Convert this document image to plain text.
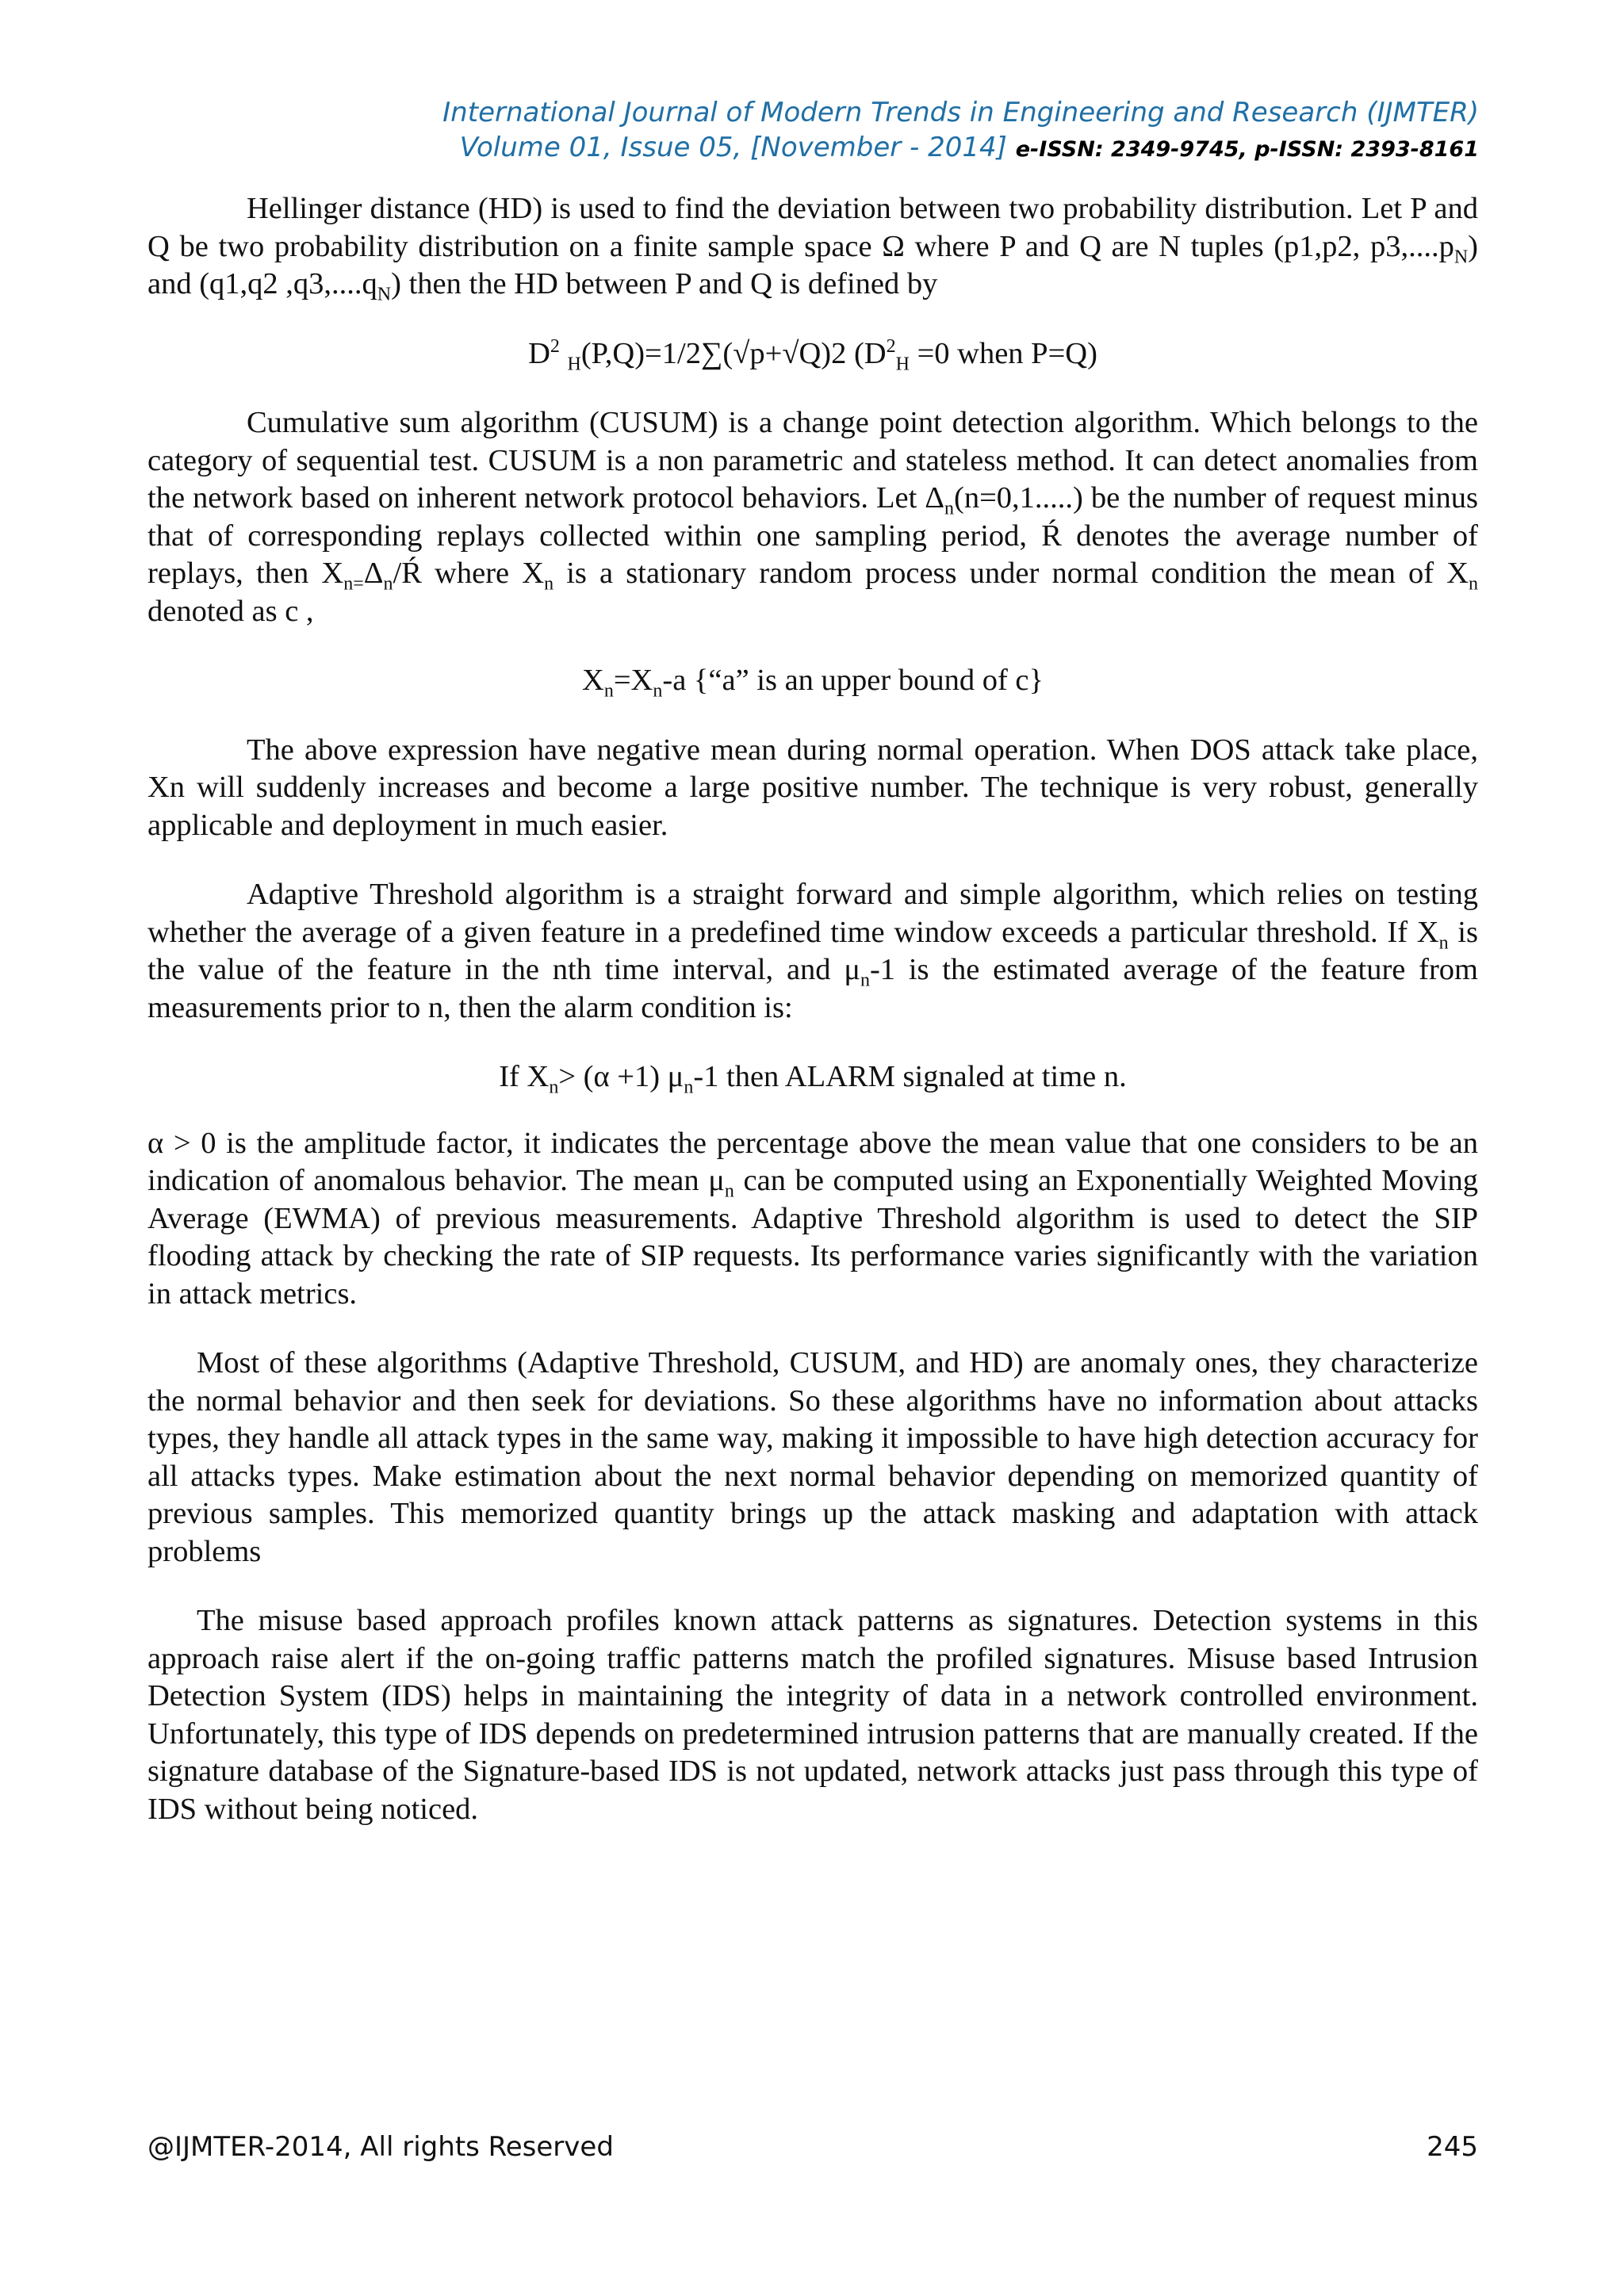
International Journal of Modern Trends in Engineering and Research (IJMTER)
Volume 01, Issue 05, [November - 2014] e-ISSN: 2349-9745, p-ISSN: 2393-8161

Hellinger distance (HD) is used to find the deviation between two probability distribution. Let P and Q be two probability distribution on a finite sample space Ω where P and Q are N tuples (p1,p2, $p3,....p_N$) and (q1,q2 $,q3,....q_N$) then the HD between P and Q is defined by

$D^2$ $_H$(P,Q)=1/2∑(√p+√Q)2 ($D^2_H =0$ when P=Q)

Cumulative sum algorithm (CUSUM) is a change point detection algorithm. Which belongs to the category of sequential test. CUSUM is a non parametric and stateless method. It can detect anomalies from the network based on inherent network protocol behaviors. Let $\Delta_n(n=0,1.....)$ be the number of request minus that of corresponding replays collected within one sampling period, Ŕ denotes the average number of replays, then $X_{n=}\Delta_n/Ŕ$ where $X_n$ is a stationary random process under normal condition the mean of $X_n$ denoted as c ,

$X_n=X_n-a$ {“a” is an upper bound of c}

The above expression have negative mean during normal operation. When DOS attack take place, Xn will suddenly increases and become a large positive number. The technique is very robust, generally applicable and deployment in much easier.

Adaptive Threshold algorithm is a straight forward and simple algorithm, which relies on testing whether the average of a given feature in a predefined time window exceeds a particular threshold. If $X_n$ is the value of the feature in the nth time interval, and $\mu_n-1$ is the estimated average of the feature from measurements prior to n, then the alarm condition is:

If $X_n> (\alpha +1)$ $\mu_n-1$ then ALARM signaled at time n.

α > 0 is the amplitude factor, it indicates the percentage above the mean value that one considers to be an indication of anomalous behavior. The mean $\mu_n$ can be computed using an Exponentially Weighted Moving Average (EWMA) of previous measurements. Adaptive Threshold algorithm is used to detect the SIP flooding attack by checking the rate of SIP requests. Its performance varies significantly with the variation in attack metrics.

Most of these algorithms (Adaptive Threshold, CUSUM, and HD) are anomaly ones, they characterize the normal behavior and then seek for deviations. So these algorithms have no information about attacks types, they handle all attack types in the same way, making it impossible to have high detection accuracy for all attacks types. Make estimation about the next normal behavior depending on memorized quantity of previous samples. This memorized quantity brings up the attack masking and adaptation with attack problems

The misuse based approach profiles known attack patterns as signatures. Detection systems in this approach raise alert if the on-going traffic patterns match the profiled signatures. Misuse based Intrusion Detection System (IDS) helps in maintaining the integrity of data in a network controlled environment. Unfortunately, this type of IDS depends on predetermined intrusion patterns that are manually created. If the signature database of the Signature-based IDS is not updated, network attacks just pass through this type of IDS without being noticed.

@IJMTER-2014, All rights Reserved	245
